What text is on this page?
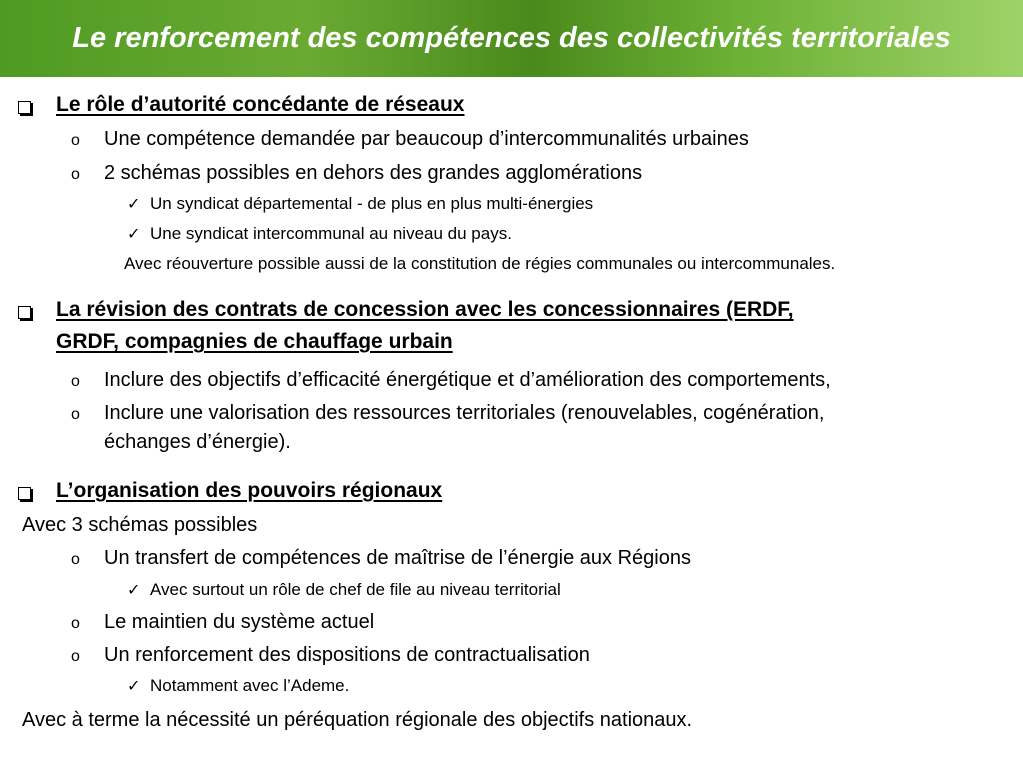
Le renforcement des compétences des collectivités territoriales
Le rôle d’autorité concédante de réseaux
o	Une compétence demandée par beaucoup d’intercommunalités urbaines
o	2 schémas possibles en dehors des grandes agglomérations
✓ Un syndicat départemental - de plus en plus multi-énergies
✓ Une syndicat intercommunal au niveau du pays.
Avec réouverture possible aussi de la constitution de régies communales ou intercommunales.
La révision des contrats de concession avec les concessionnaires (ERDF,
GRDF, compagnies de chauffage urbain
o	Inclure des objectifs d’efficacité énergétique et d’amélioration des comportements,
o	Inclure une valorisation des ressources territoriales (renouvelables, cogénération,
échanges d’énergie).
L’organisation des pouvoirs régionaux
Avec 3 schémas possibles
o	Un transfert de compétences de maîtrise de l’énergie aux Régions
✓ Avec surtout un rôle de chef de file au niveau territorial
o	Le maintien du système actuel
o	Un renforcement des dispositions de contractualisation
✓ Notamment avec l’Ademe.
Avec à terme la nécessité un péréquation régionale des objectifs nationaux.
